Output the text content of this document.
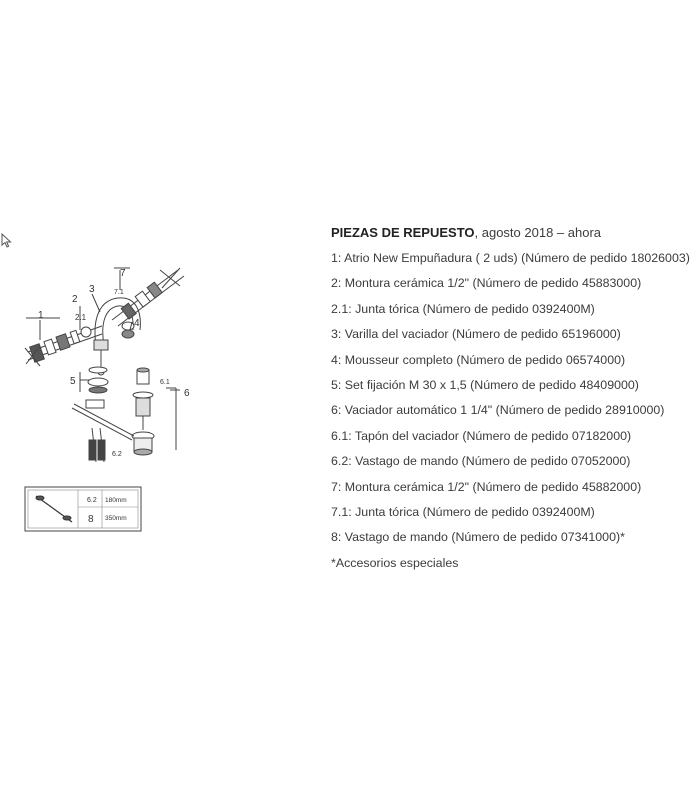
1
2
2.1
3
4
5
6
6.1
6.2
7
7.1
6.2 180mm
8 350mm

PIEZAS DE REPUESTO, agosto 2018 – ahora

1: Atrio New Empuñadura ( 2 uds) (Número de pedido 18026003)

2: Montura cerámica 1/2" (Número de pedido 45883000)

2.1: Junta tórica (Número de pedido 0392400M)

3: Varilla del vaciador (Número de pedido 65196000)

4: Mousseur completo (Número de pedido 06574000)

5: Set fijación M 30 x 1,5 (Número de pedido 48409000)

6: Vaciador automático 1 1/4" (Número de pedido 28910000)

6.1: Tapón del vaciador (Número de pedido 07182000)

6.2: Vastago de mando (Número de pedido 07052000)

7: Montura cerámica 1/2" (Número de pedido 45882000)

7.1: Junta tórica (Número de pedido 0392400M)

8: Vastago de mando (Número de pedido 07341000)*

*Accesorios especiales
